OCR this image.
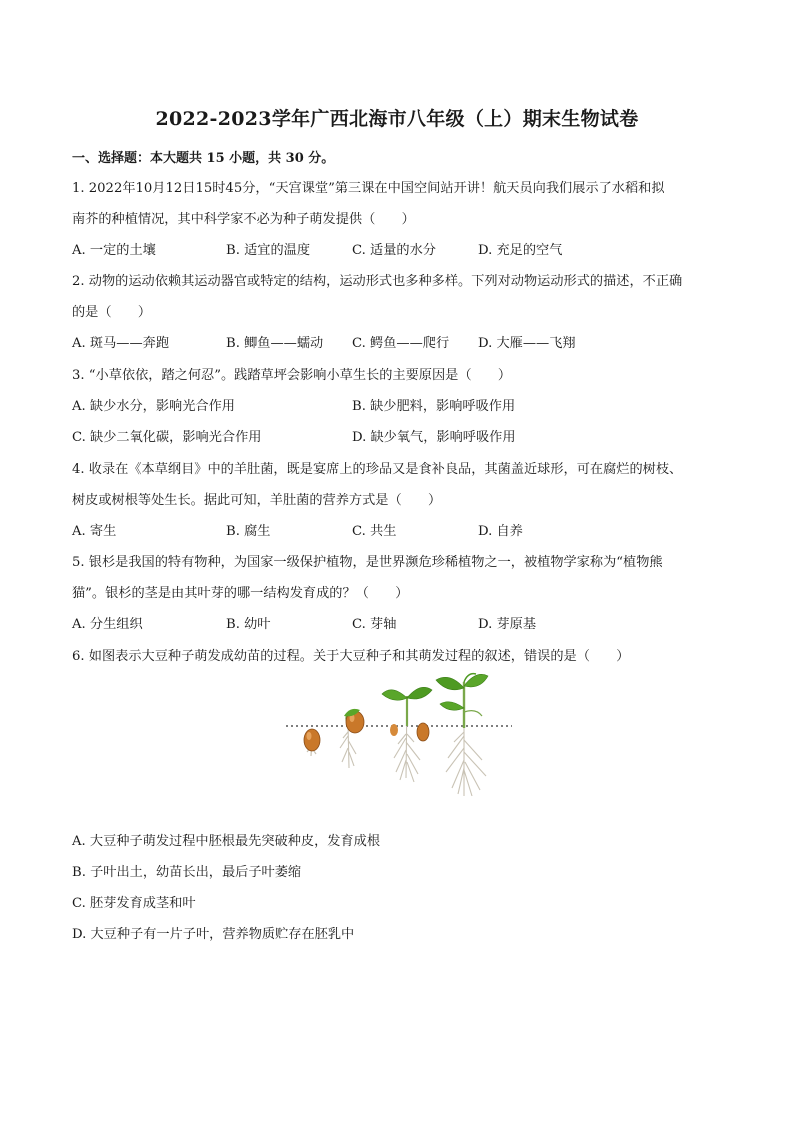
2022-2023学年广西北海市八年级（上）期末生物试卷
一、选择题：本大题共 15 小题，共 30 分。
1. 2022年10月12日15时45分，“天宫课堂”第三课在中国空间站开讲！航天员向我们展示了水稻和拟
南芥的种植情况，其中科学家不必为种子萌发提供（　　）
A. 一定的土壤	B. 适宜的温度	C. 适量的水分	D. 充足的空气
2. 动物的运动依赖其运动器官或特定的结构，运动形式也多种多样。下列对动物运动形式的描述，不正确
的是（　　）
A. 斑马——奔跑	B. 鲫鱼——蠕动 C. 鳄鱼——爬行 D. 大雁——飞翔
3. “小草依依，踏之何忍”。践踏草坪会影响小草生长的主要原因是（　　）
A. 缺少水分，影响光合作用	B. 缺少肥料，影响呼吸作用
C. 缺少二氧化碳，影响光合作用	D. 缺少氧气，影响呼吸作用
4. 收录在《本草纲目》中的羊肚菌，既是宴席上的珍品又是食补良品，其菌盖近球形，可在腐烂的树枝、
树皮或树根等处生长。据此可知，羊肚菌的营养方式是（　　）
A. 寄生	B. 腐生	C. 共生	D. 自养
5. 银杉是我国的特有物种，为国家一级保护植物，是世界濒危珍稀植物之一，被植物学家称为“植物熊
猫”。银杉的茎是由其叶芽的哪一结构发育成的？（　　）
A. 分生组织	B. 幼叶	C. 芽轴	D. 芽原基
6. 如图表示大豆种子萌发成幼苗的过程。关于大豆种子和其萌发过程的叙述，错误的是（　　）
A. 大豆种子萌发过程中胚根最先突破种皮，发育成根
B. 子叶出土，幼苗长出，最后子叶萎缩
C. 胚芽发育成茎和叶
D. 大豆种子有一片子叶，营养物质贮存在胚乳中
